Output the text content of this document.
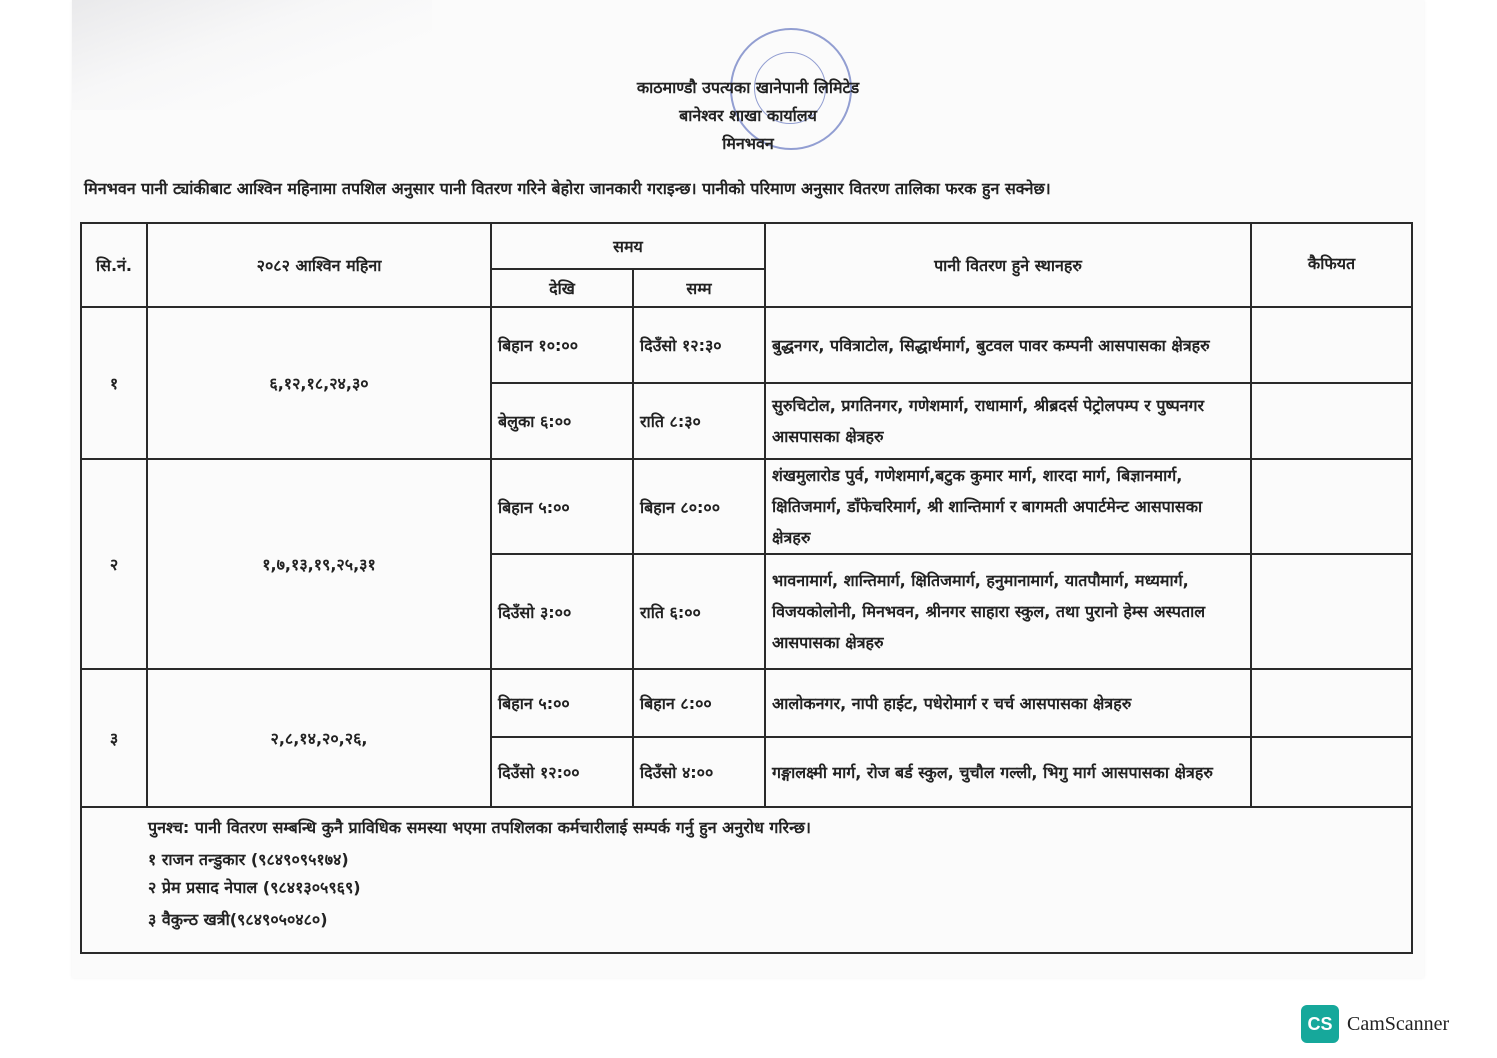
काठमाण्डौ उपत्यका खानेपानी लिमिटेड
बानेश्वर शाखा कार्यालय
मिनभवन
मिनभवन पानी ट्यांकीबाट आश्विन महिनामा तपशिल अनुसार पानी वितरण गरिने बेहोरा जानकारी गराइन्छ। पानीको परिमाण अनुसार वितरण तालिका फरक हुन सक्नेछ।
सि.नं.	२०८२ आश्विन महिना	समय		पानी वितरण हुने स्थानहरु	कैफियत
		देखि	सम्म		
१	६,१२,१८,२४,३०	बिहान १०:००	दिउँसो १२:३०	बुद्धनगर, पवित्राटोल, सिद्धार्थमार्ग, बुटवल पावर कम्पनी आसपासका क्षेत्रहरु	
		बेलुका ६:००	राति ८:३०	सुरुचिटोल, प्रगतिनगर, गणेशमार्ग, राधामार्ग, श्रीब्रदर्स पेट्रोलपम्प र पुष्पनगर आसपासका क्षेत्रहरु	
२	१,७,१३,१९,२५,३१	बिहान ५:००	बिहान ८०:००	शंखमुलारोड पुर्व, गणेशमार्ग,बटुक कुमार मार्ग, शारदा मार्ग, बिज्ञानमार्ग, क्षितिजमार्ग, डाँफेचरिमार्ग, श्री शान्तिमार्ग र बागमती अपार्टमेन्ट आसपासका क्षेत्रहरु	
		दिउँसो ३:००	राति ६:००	भावनामार्ग, शान्तिमार्ग, क्षितिजमार्ग, हनुमानामार्ग, यातपौमार्ग, मध्यमार्ग, विजयकोलोनी, मिनभवन, श्रीनगर साहारा स्कुल, तथा पुरानो हेम्स अस्पताल आसपासका क्षेत्रहरु	
३	२,८,१४,२०,२६,	बिहान ५:००	बिहान ८:००	आलोकनगर, नापी हाईट, पधेरोमार्ग र चर्च आसपासका क्षेत्रहरु	
		दिउँसो १२:००	दिउँसो ४:००	गङ्गालक्ष्मी मार्ग, रोज बर्ड स्कुल, चुचौल गल्ली, भिगु मार्ग आसपासका क्षेत्रहरु	

पुनश्च: पानी वितरण सम्बन्धि कुनै प्राविधिक समस्या भएमा तपशिलका कर्मचारीलाई सम्पर्क गर्नु हुन अनुरोध गरिन्छ।
१ राजन तन्डुकार (९८४९०९५१७४)
२ प्रेम प्रसाद नेपाल (९८४१३०५९६९)
३ वैकुन्ठ खत्री(९८४९०५०४८०)					
CS CamScanner
